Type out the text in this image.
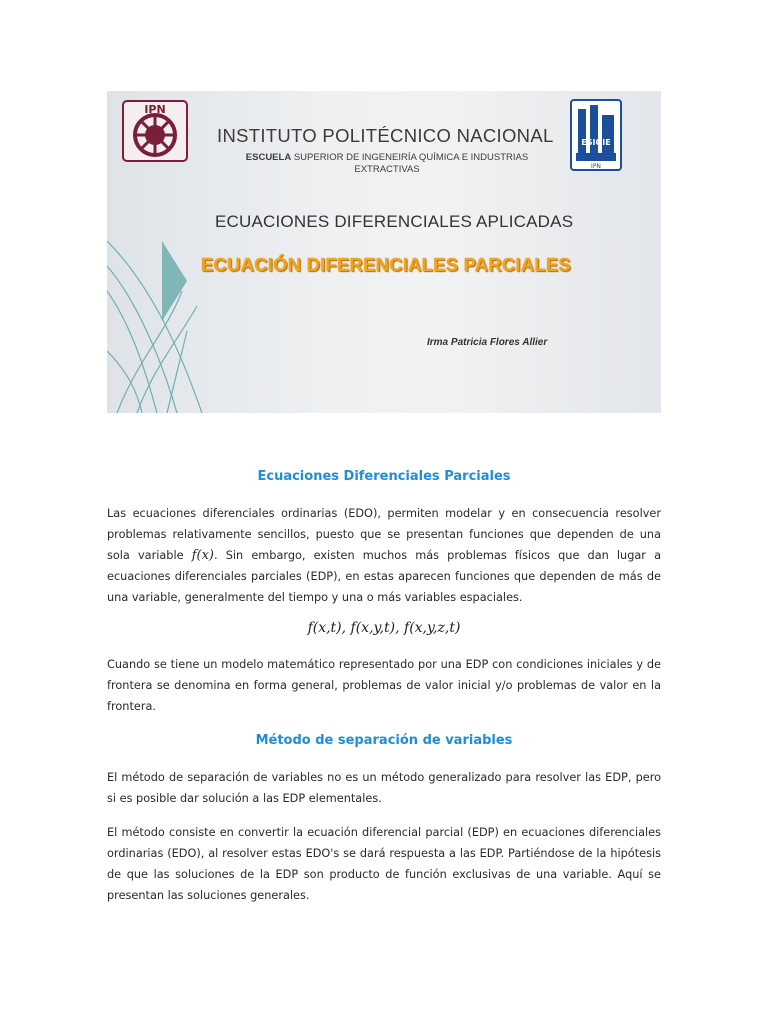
IPN
ESIQIE
IPN
INSTITUTO POLITÉCNICO NACIONAL
ESCUELA SUPERIOR DE INGENEIRÍA QUÍMICA E INDUSTRIAS
EXTRACTIVAS
ECUACIONES DIFERENCIALES APLICADAS
ECUACIÓN DIFERENCIALES PARCIALES
Irma Patricia Flores Allier
Ecuaciones Diferenciales Parciales

Las ecuaciones diferenciales ordinarias (EDO), permiten modelar y en consecuencia resolver problemas relativamente sencillos, puesto que se presentan funciones que dependen de una sola variable f(x). Sin embargo, existen muchos más problemas físicos que dan lugar a ecuaciones diferenciales parciales (EDP), en estas aparecen funciones que dependen de más de una variable, generalmente del tiempo y una o más variables espaciales.

f(x,t), f(x,y,t), f(x,y,z,t)

Cuando se tiene un modelo matemático representado por una EDP con condiciones iniciales y de frontera se denomina en forma general, problemas de valor inicial y/o problemas de valor en la frontera.

Método de separación de variables

El método de separación de variables no es un método generalizado para resolver las EDP, pero si es posible dar solución a las EDP elementales.

El método consiste en convertir la ecuación diferencial parcial (EDP) en ecuaciones diferenciales ordinarias (EDO), al resolver estas EDO's se dará respuesta a las EDP. Partiéndose de la hipótesis de que las soluciones de la EDP son producto de función exclusivas de una variable. Aquí se presentan las soluciones generales.
